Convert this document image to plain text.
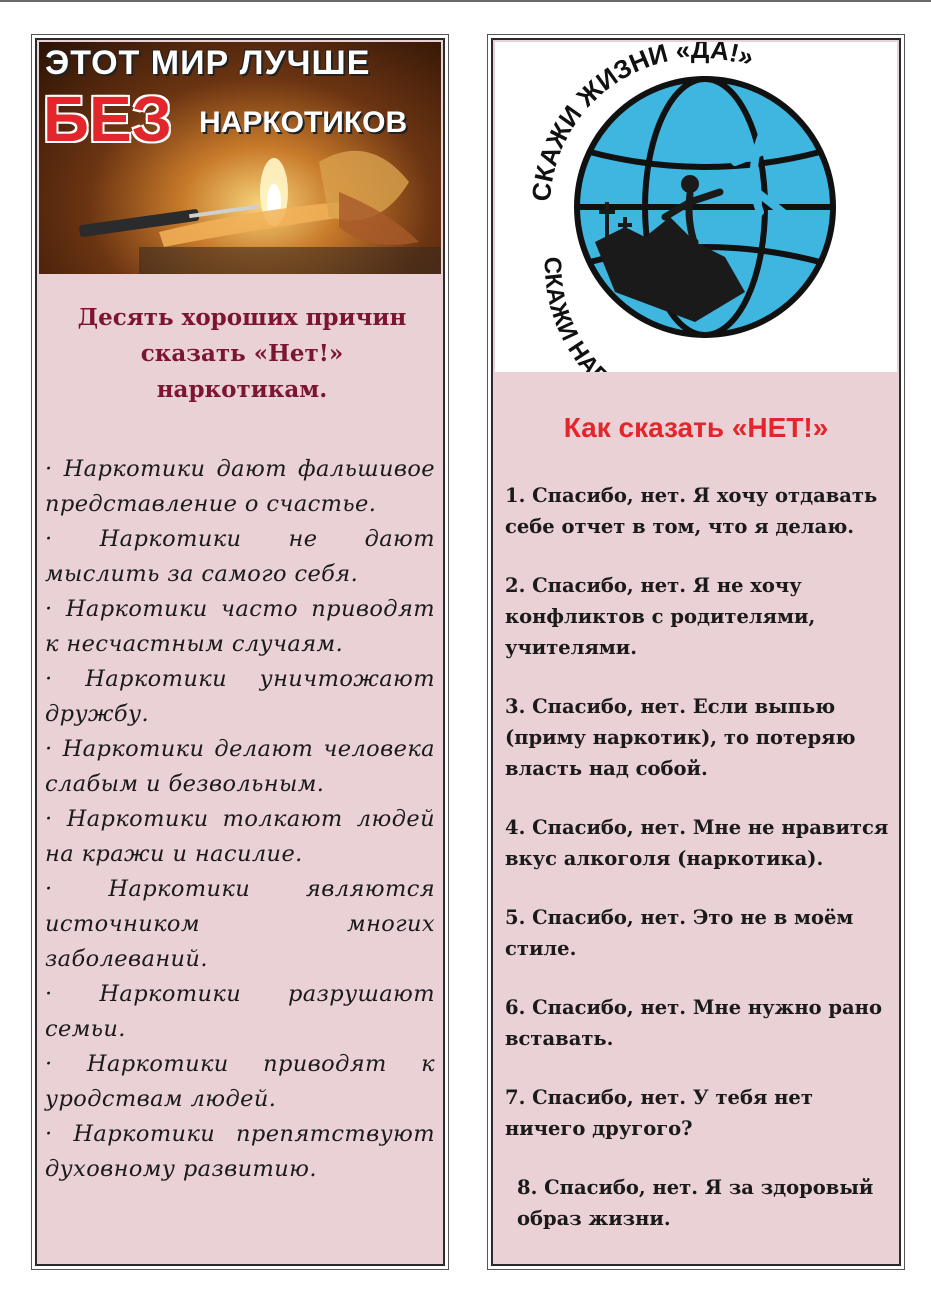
ЭТОТ МИР ЛУЧШЕ
БЕЗ НАРКОТИКОВ
Десять хороших причин сказать «Нет!» наркотикам.
· Наркотики дают фальшивое представление о счастье.
· Наркотики не дают мыслить за самого себя.
· Наркотики часто приводят к несчастным случаям.
· Наркотики уничтожают дружбу.
· Наркотики делают человека слабым и безвольным.
· Наркотики толкают людей на кражи и насилие.
· Наркотики являются источником многих заболеваний.
· Наркотики разрушают семьи.
· Наркотики приводят к уродствам людей.
· Наркотики препятствуют духовному развитию.
СКАЖИ ЖИЗНИ «ДА!»
СКАЖИ НА
Как сказать «НЕТ!»
1. Спасибо, нет. Я хочу отдавать себе отчет в том, что я делаю.
2. Спасибо, нет. Я не хочу конфликтов с родителями, учителями.
3. Спасибо, нет. Если выпью (приму наркотик), то потеряю власть над собой.
4. Спасибо, нет. Мне не нравится вкус алкоголя (наркотика).
5. Спасибо, нет. Это не в моём стиле.
6. Спасибо, нет. Мне нужно рано вставать.
7. Спасибо, нет. У тебя нет ничего другого?
8. Спасибо, нет. Я за здоровый образ жизни.
